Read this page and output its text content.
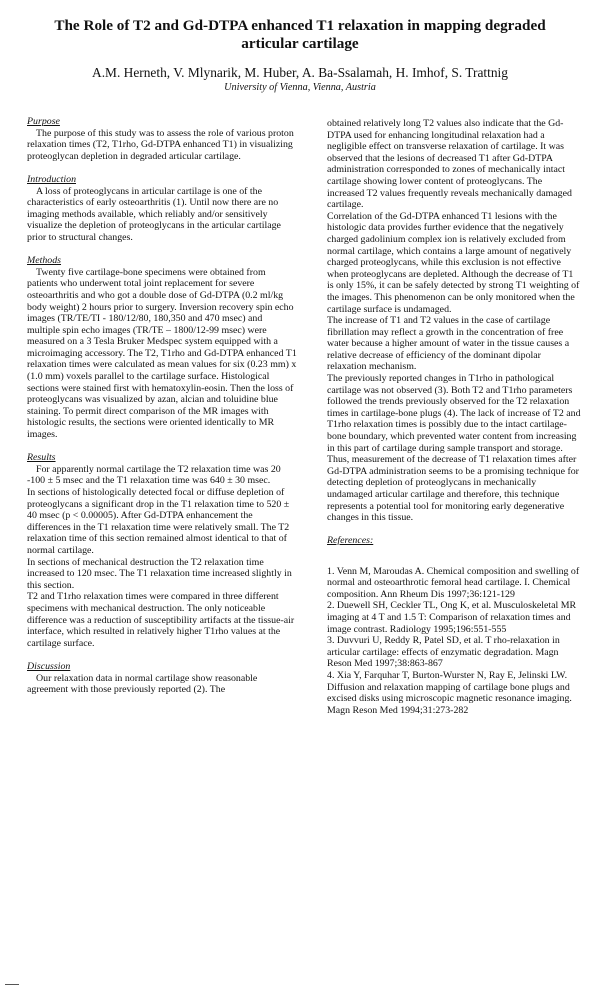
The Role of T2 and Gd-DTPA enhanced T1 relaxation in mapping degraded articular cartilage

A.M. Herneth, V. Mlynarik, M. Huber, A. Ba-Ssalamah, H. Imhof, S. Trattnig

University of Vienna, Vienna, Austria

Purpose

The purpose of this study was to assess the role of various proton relaxation times (T2, T1rho, Gd-DTPA enhanced T1) in visualizing proteoglycan depletion in degraded articular cartilage.

Introduction

A loss of proteoglycans in articular cartilage is one of the characteristics of early osteoarthritis (1). Until now there are no imaging methods available, which reliably and/or sensitively visualize the depletion of proteoglycans in the articular cartilage prior to structural changes.

Methods

Twenty five cartilage-bone specimens were obtained from patients who underwent total joint replacement for severe osteoarthritis and who got a double dose of Gd-DTPA (0.2 ml/kg body weight) 2 hours prior to surgery. Inversion recovery spin echo images (TR/TE/TI - 180/12/80, 180,350 and 470 msec) and multiple spin echo images (TR/TE – 1800/12-99 msec) were measured on a 3 Tesla Bruker Medspec system equipped with a microimaging accessory. The T2, T1rho and Gd-DTPA enhanced T1 relaxation times were calculated as mean values for six (0.23 mm) x (1.0 mm) voxels parallel to the cartilage surface. Histological sections were stained first with hematoxylin-eosin. Then the loss of proteoglycans was visualized by azan, alcian and toluidine blue staining. To permit direct comparison of the MR images with histologic results, the sections were oriented identically to MR images.

Results

For apparently normal cartilage the T2 relaxation time was 20 -100 ± 5 msec and the T1 relaxation time was 640 ± 30 msec.

In sections of histologically detected focal or diffuse depletion of proteoglycans a significant drop in the T1 relaxation time to 520 ± 40 msec (p < 0.00005). After Gd-DTPA enhancement the differences in the T1 relaxation time were relatively small. The T2 relaxation time of this section remained almost identical to that of normal cartilage.

In sections of mechanical destruction the T2 relaxation time increased to 120 msec. The T1 relaxation time increased slightly in this section.

T2 and T1rho relaxation times were compared in three different specimens with mechanical destruction. The only noticeable difference was a reduction of susceptibility artifacts at the tissue-air interface, which resulted in relatively higher T1rho values at the cartilage surface.

Discussion

Our relaxation data in normal cartilage show reasonable agreement with those previously reported (2). The

obtained relatively long T2 values also indicate that the Gd-DTPA used for enhancing longitudinal relaxation had a negligible effect on transverse relaxation of cartilage. It was observed that the lesions of decreased T1 after Gd-DTPA administration corresponded to zones of mechanically intact cartilage showing lower content of proteoglycans. The increased T2 values frequently reveals mechanically damaged cartilage.

Correlation of the Gd-DTPA enhanced T1 lesions with the histologic data provides further evidence that the negatively charged gadolinium complex ion is relatively excluded from normal cartilage, which contains a large amount of negatively charged proteoglycans, while this exclusion is not effective when proteoglycans are depleted. Although the decrease of T1 is only 15%, it can be safely detected by strong T1 weighting of the images. This phenomenon can be only monitored when the cartilage surface is undamaged.

The increase of T1 and T2 values in the case of cartilage fibrillation may reflect a growth in the concentration of free water because a higher amount of water in the tissue causes a relative decrease of efficiency of the dominant dipolar relaxation mechanism.

The previously reported changes in T1rho in pathological cartilage was not observed (3). Both T2 and T1rho parameters followed the trends previously observed for the T2 relaxation times in cartilage-bone plugs (4). The lack of increase of T2 and T1rho relaxation times is possibly due to the intact cartilage-bone boundary, which prevented water content from increasing in this part of cartilage during sample transport and storage.

Thus, measurement of the decrease of T1 relaxation times after Gd-DTPA administration seems to be a promising technique for detecting depletion of proteoglycans in mechanically undamaged articular cartilage and therefore, this technique represents a potential tool for monitoring early degenerative changes in this tissue.

References:

1. Venn M, Maroudas A. Chemical composition and swelling of normal and osteoarthrotic femoral head cartilage. I. Chemical composition. Ann Rheum Dis 1997;36:121-129

2. Duewell SH, Ceckler TL, Ong K, et al. Musculoskeletal MR imaging at 4 T and 1.5 T: Comparison of relaxation times and image contrast. Radiology 1995;196:551-555

3. Duvvuri U, Reddy R, Patel SD, et al. T rho-relaxation in articular cartilage: effects of enzymatic degradation. Magn Reson Med 1997;38:863-867

4. Xia Y, Farquhar T, Burton-Wurster N, Ray E, Jelinski LW. Diffusion and relaxation mapping of cartilage bone plugs and excised disks using microscopic magnetic resonance imaging. Magn Reson Med 1994;31:273-282
